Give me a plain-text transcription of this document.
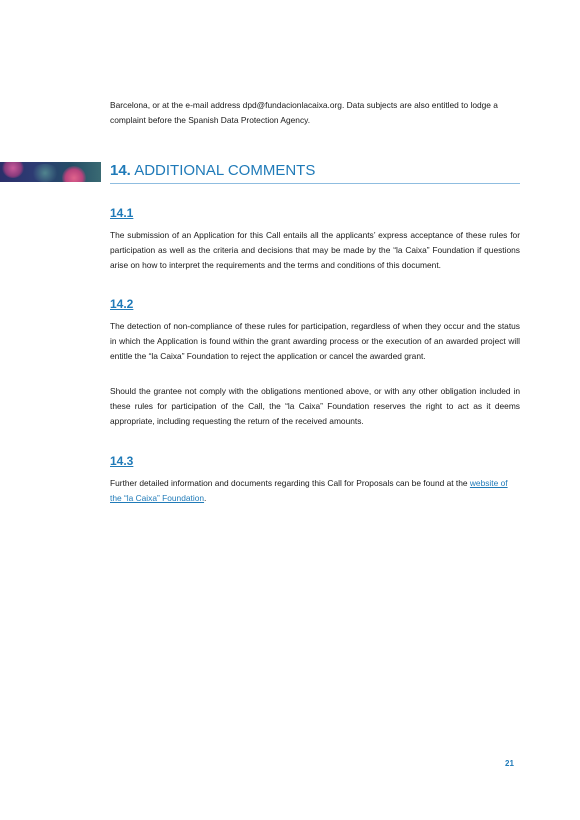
Barcelona, or at the e-mail address dpd@fundacionlacaixa.org. Data subjects are also entitled to lodge a complaint before the Spanish Data Protection Agency.

14. ADDITIONAL COMMENTS
14.1

The submission of an Application for this Call entails all the applicants’ express acceptance of these rules for participation as well as the criteria and decisions that may be made by the “la Caixa” Foundation if questions arise on how to interpret the requirements and the terms and conditions of this document.

14.2

The detection of non-compliance of these rules for participation, regardless of when they occur and the status in which the Application is found within the grant awarding process or the execution of an awarded project will entitle the “la Caixa” Foundation to reject the application or cancel the awarded grant.

Should the grantee not comply with the obligations mentioned above, or with any other obligation included in these rules for participation of the Call, the “la Caixa” Foundation reserves the right to act as it deems appropriate, including requesting the return of the received amounts.

14.3

Further detailed information and documents regarding this Call for Proposals can be found at the website of the “la Caixa” Foundation.

21
